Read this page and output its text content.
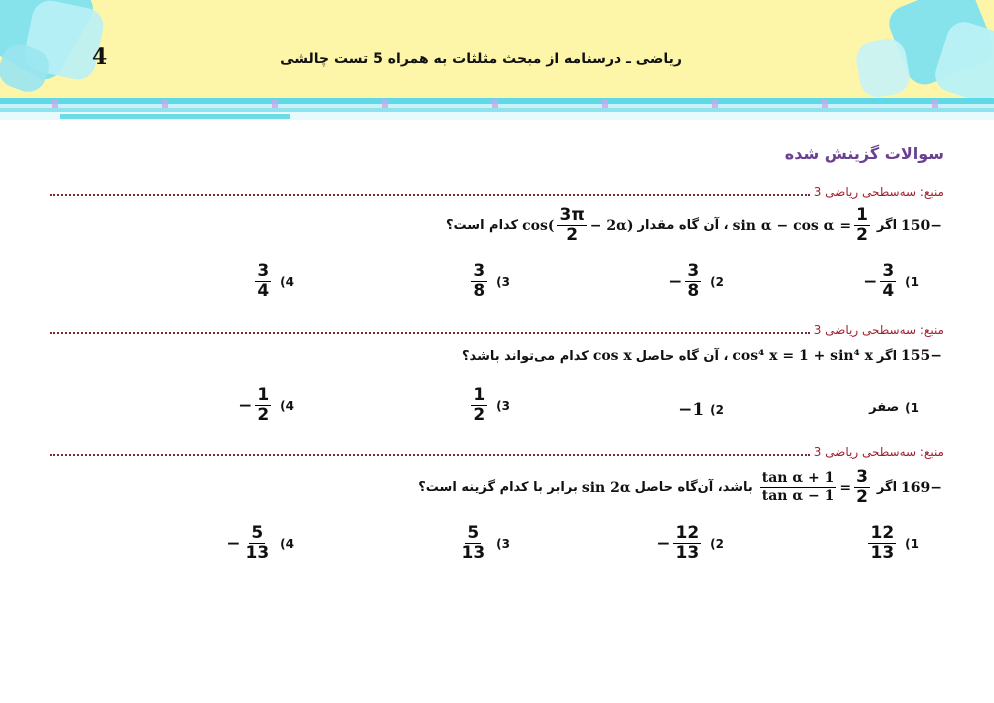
4	ریاضی ـ درسنامه از مبحث مثلثات به همراه 5 تست چالشی
سوالات گزینش شده
منبع: سه‌سطحی ریاضی 3
150 −
اگر
$\sin \alpha - \cos \alpha = \frac{1}{2}$
، آن گاه مقدار
$\cos( \frac{3\pi}{2} - 2\alpha)$
کدام است؟
1)
− $\frac{3}{4}$
2)
− $\frac{3}{8}$
3)
$\frac{3}{8}$
4)
$\frac{3}{4}$
منبع: سه‌سطحی ریاضی 3
155 −
اگر
cos⁴ x = 1 + sin⁴ x
، آن گاه حاصل
cos x
کدام می‌تواند باشد؟
1)
صفر
2)
−1
3)
$\frac{1}{2}$
4)
− $\frac{1}{2}$
منبع: سه‌سطحی ریاضی 3
169 −
اگر
$\frac{\text{tan α + 1}}{\text{tan α − 1}} = \frac{3}{2}$
باشد، آن‌گاه حاصل
sin 2α
برابر با کدام گزینه است؟
1)
$\frac{12}{13}$
2)
− $\frac{12}{13}$
3)
$\frac{5}{13}$
4)
− $\frac{5}{13}$
